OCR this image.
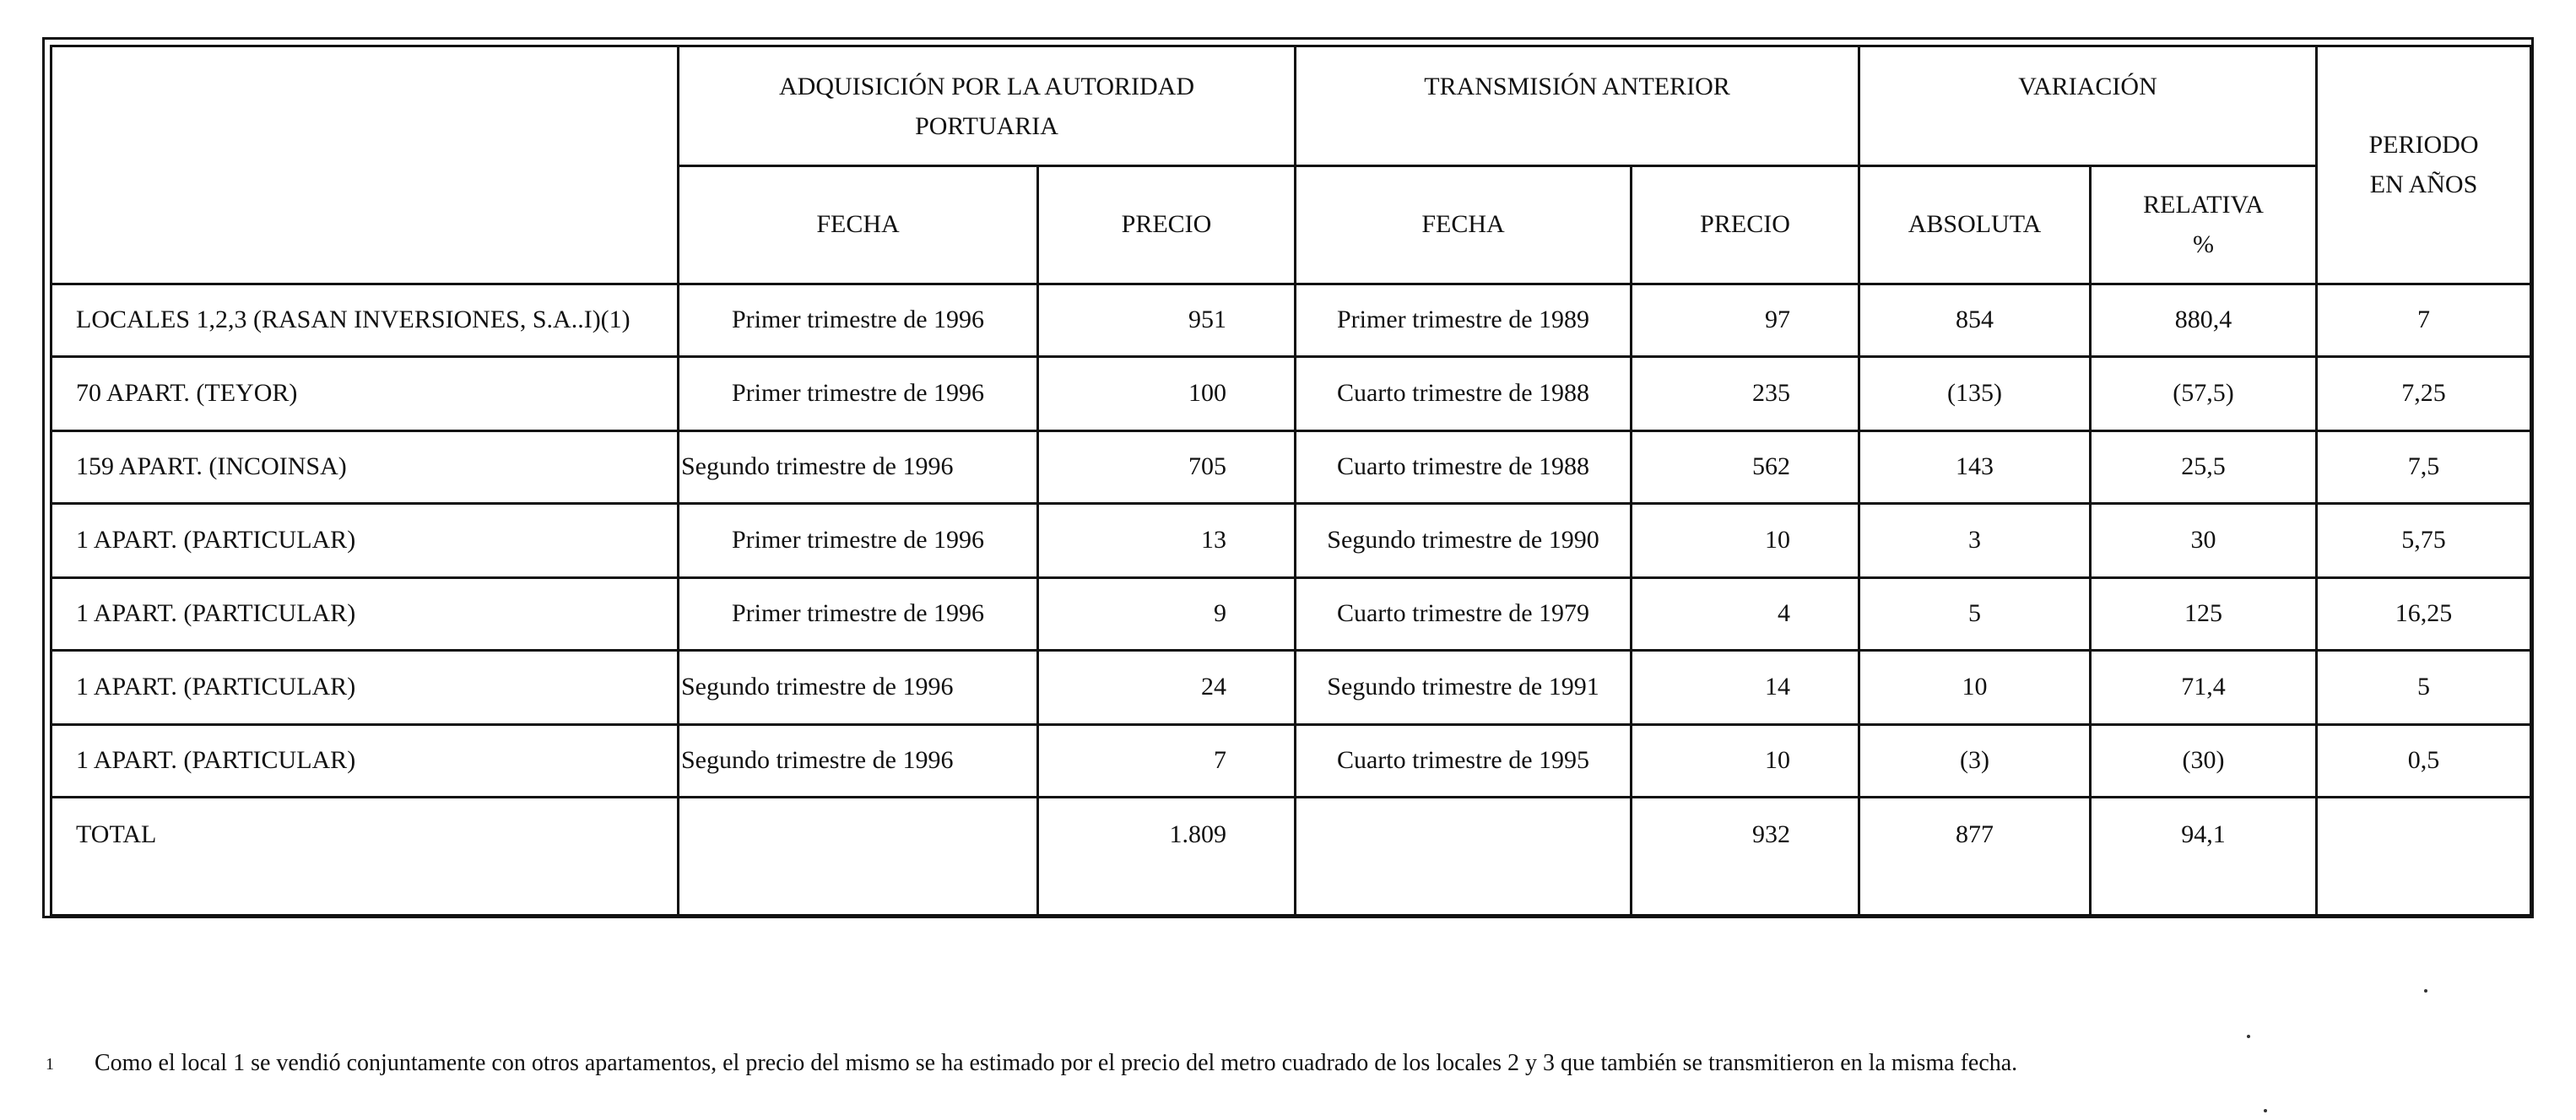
	ADQUISICIÓN POR LA AUTORIDAD PORTUARIA		TRANSMISIÓN ANTERIOR		VARIACIÓN		PERIODO EN AÑOS
	FECHA	PRECIO	FECHA	PRECIO	ABSOLUTA	RELATIVA
%	

LOCALES 1,2,3 (RASAN INVERSIONES, S.A..I)(1)	Primer trimestre de 1996	951	Primer trimestre de 1989	97	854	880,4	7
70 APART. (TEYOR)	Primer trimestre de 1996	100	Cuarto trimestre de 1988	235	(135)	(57,5)	7,25
159 APART. (INCOINSA)	Segundo trimestre de 1996	705	Cuarto trimestre de 1988	562	143	25,5	7,5
1 APART. (PARTICULAR)	Primer trimestre de 1996	13	Segundo trimestre de 1990	10	3	30	5,75
1 APART. (PARTICULAR)	Primer trimestre de 1996	9	Cuarto trimestre de 1979	4	5	125	16,25
1 APART. (PARTICULAR)	Segundo trimestre de 1996	24	Segundo trimestre de 1991	14	10	71,4	5
1 APART. (PARTICULAR)	Segundo trimestre de 1996	7	Cuarto trimestre de 1995	10	(3)	(30)	0,5
TOTAL		1.809		932	877	94,1	
1 Como el local 1 se vendió conjuntamente con otros apartamentos, el precio del mismo se ha estimado por el precio del metro cuadrado de los locales 2 y 3 que también se transmitieron en la misma fecha.
